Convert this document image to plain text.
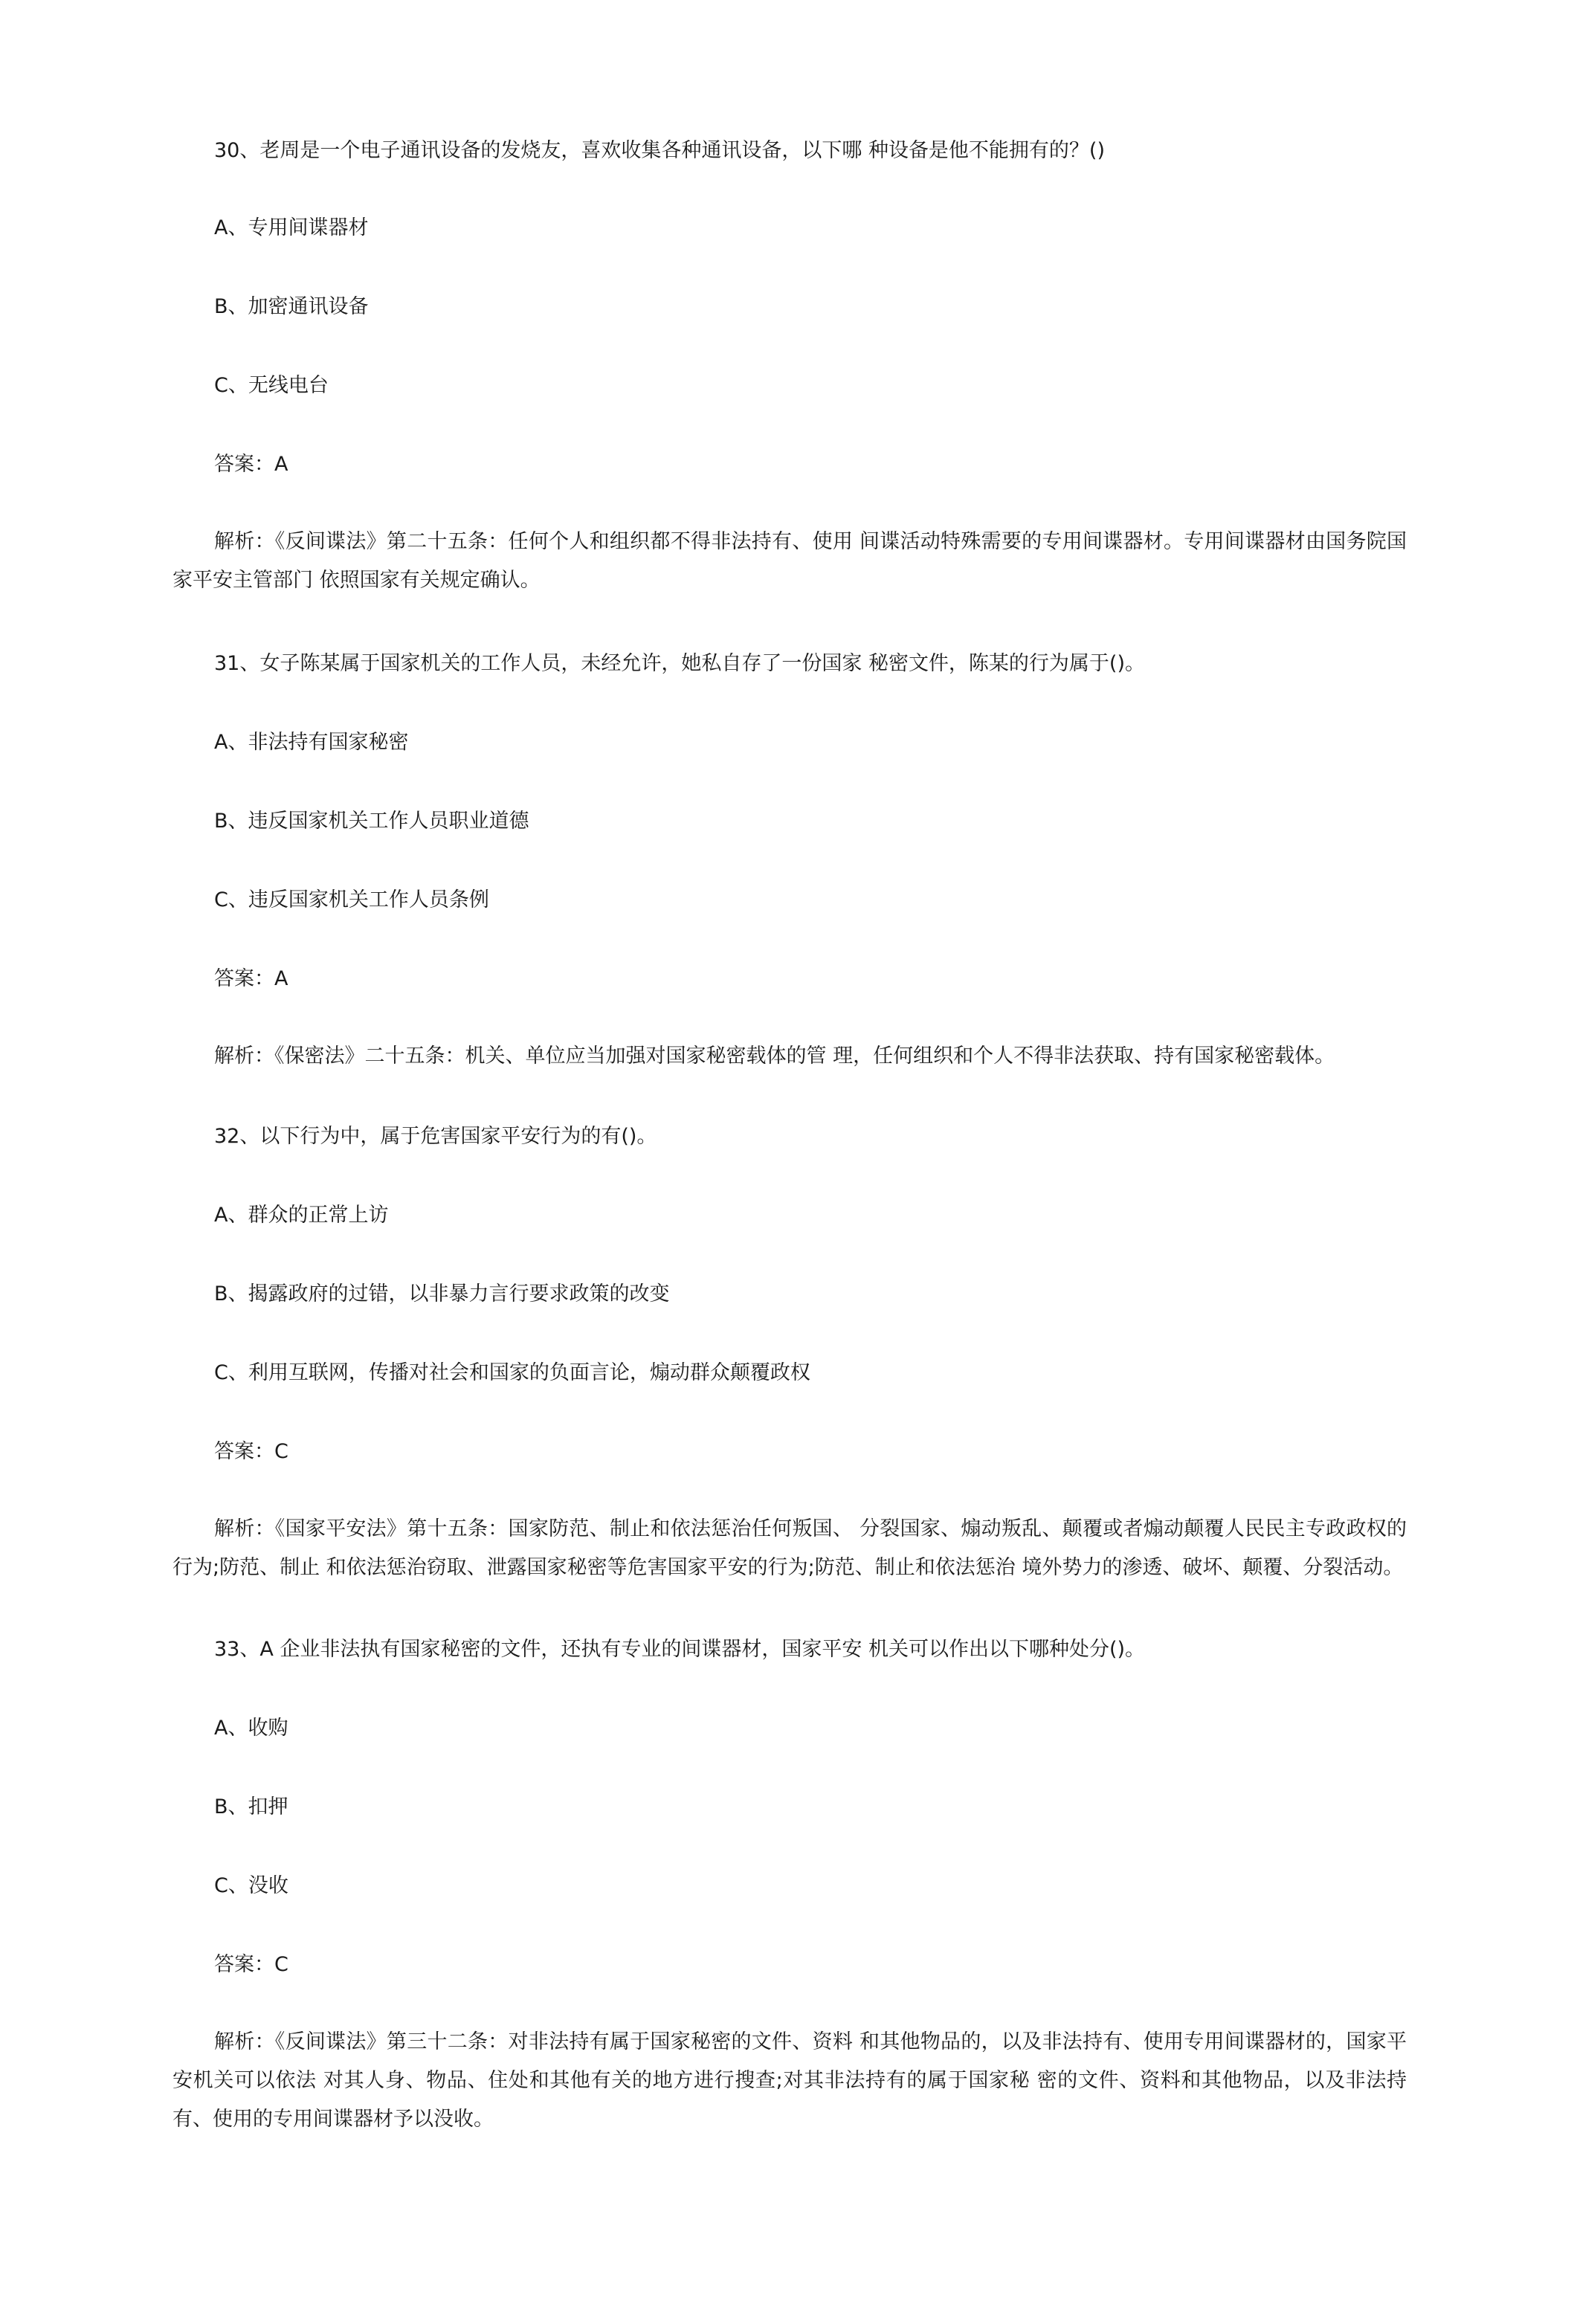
30、老周是一个电子通讯设备的发烧友，喜欢收集各种通讯设备，以下哪 种设备是他不能拥有的？()
A、专用间谍器材
B、加密通讯设备
C、无线电台
答案：A
解析：《反间谍法》第二十五条：任何个人和组织都不得非法持有、使用 间谍活动特殊需要的专用间谍器材。专用间谍器材由国务院国家平安主管部门 依照国家有关规定确认。
31、女子陈某属于国家机关的工作人员，未经允许，她私自存了一份国家 秘密文件，陈某的行为属于()。
A、非法持有国家秘密
B、违反国家机关工作人员职业道德
C、违反国家机关工作人员条例
答案：A
解析：《保密法》二十五条：机关、单位应当加强对国家秘密载体的管 理，任何组织和个人不得非法获取、持有国家秘密载体。
32、以下行为中，属于危害国家平安行为的有()。
A、群众的正常上访
B、揭露政府的过错，以非暴力言行要求政策的改变
C、利用互联网，传播对社会和国家的负面言论，煽动群众颠覆政权
答案：C
解析：《国家平安法》第十五条：国家防范、制止和依法惩治任何叛国、 分裂国家、煽动叛乱、颠覆或者煽动颠覆人民民主专政政权的行为;防范、制止 和依法惩治窃取、泄露国家秘密等危害国家平安的行为;防范、制止和依法惩治 境外势力的渗透、破坏、颠覆、分裂活动。
33、A 企业非法执有国家秘密的文件，还执有专业的间谍器材，国家平安 机关可以作出以下哪种处分()。
A、收购
B、扣押
C、没收
答案：C
解析：《反间谍法》第三十二条：对非法持有属于国家秘密的文件、资料 和其他物品的，以及非法持有、使用专用间谍器材的，国家平安机关可以依法 对其人身、物品、住处和其他有关的地方进行搜查;对其非法持有的属于国家秘 密的文件、资料和其他物品，以及非法持有、使用的专用间谍器材予以没收。
